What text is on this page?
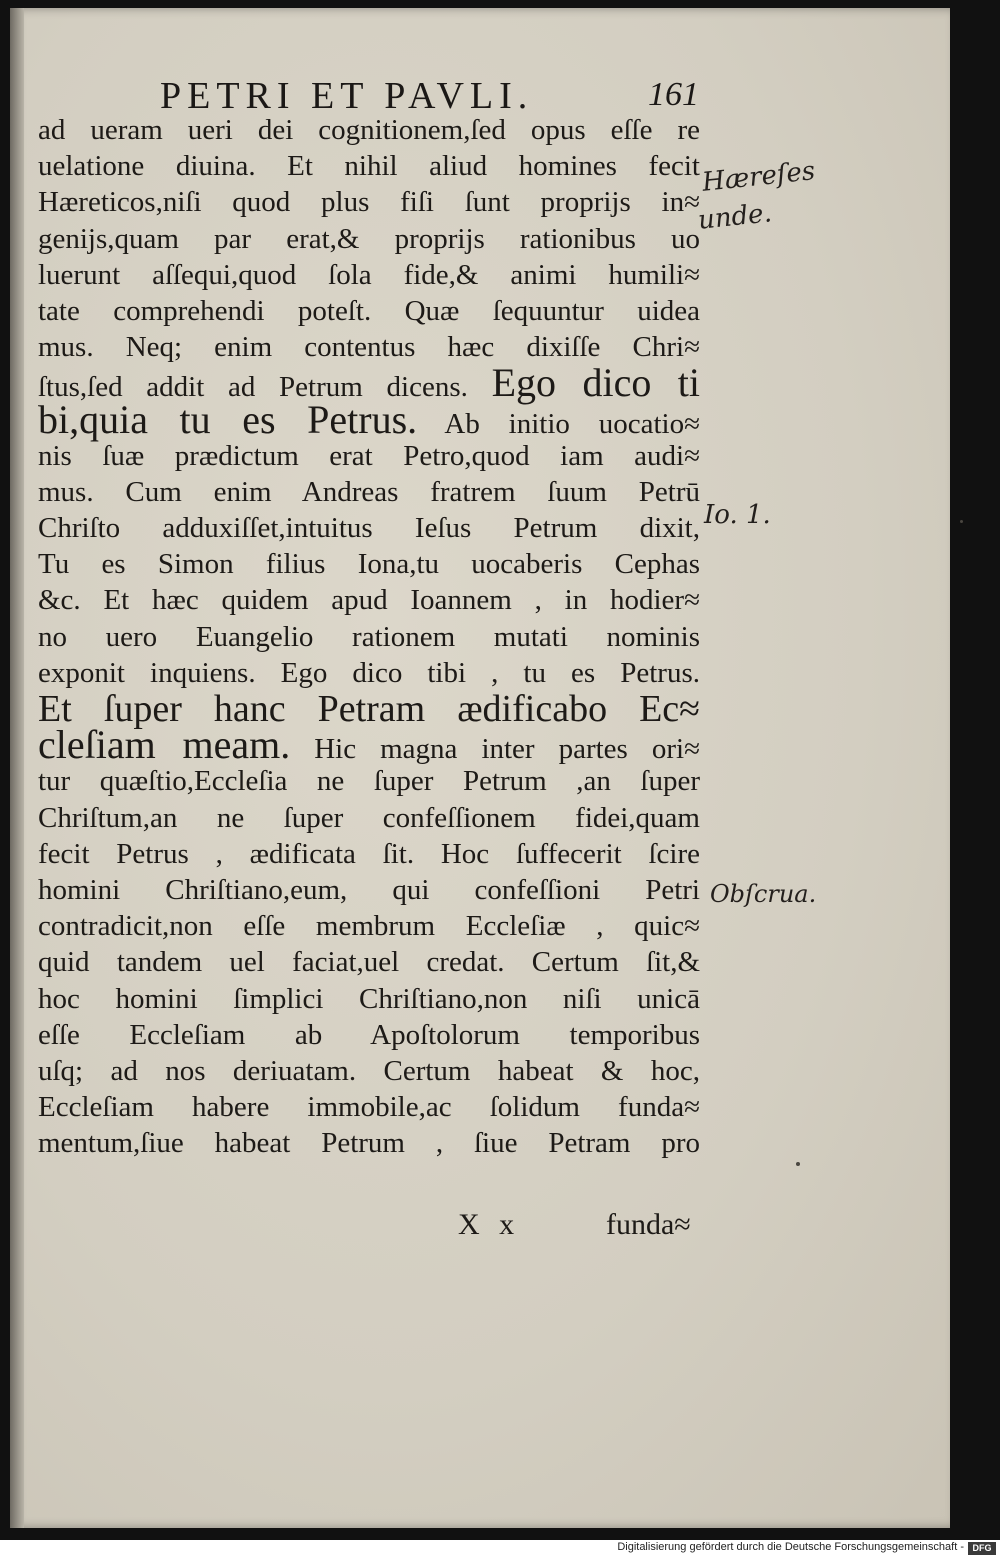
PETRI ET PAVLI.	161
ad ueram ueri dei cognitionem,ſed opus eſſe re
uelatione diuina. Et nihil aliud homines fecit
Hæreticos,niſi quod plus fiſi ſunt proprijs in≈
genijs,quam par erat,& proprijs rationibus uo
luerunt aſſequi,quod ſola fide,& animi humili≈
tate comprehendi poteſt. Quæ ſequuntur uidea
mus. Neq; enim contentus hæc dixiſſe Chri≈
ſtus,ſed addit ad Petrum dicens. Ego dico ti
bi,quia tu es Petrus. Ab initio uocatio≈
nis ſuæ prædictum erat Petro,quod iam audi≈
mus. Cum enim Andreas fratrem ſuum Petrū
Chriſto adduxiſſet,intuitus Ieſus Petrum dixit,
Tu es Simon filius Iona,tu uocaberis Cephas
&c. Et hæc quidem apud Ioannem , in hodier≈
no uero Euangelio rationem mutati nominis
exponit inquiens. Ego dico tibi , tu es Petrus.
Et ſuper hanc Petram ædificabo Ec≈
cleſiam meam. Hic magna inter partes ori≈
tur quæſtio,Eccleſia ne ſuper Petrum ,an ſuper
Chriſtum,an ne ſuper confeſſionem fidei,quam
fecit Petrus , ædificata ſit. Hoc ſuffecerit ſcire
homini Chriſtiano,eum, qui confeſſioni Petri
contradicit,non eſſe membrum Eccleſiæ , quic≈
quid tandem uel faciat,uel credat. Certum ſit,&
hoc homini ſimplici Chriſtiano,non niſi unicā
eſſe Eccleſiam ab Apoſtolorum temporibus
uſq; ad nos deriuatam. Certum habeat & hoc,
Eccleſiam habere immobile,ac ſolidum funda≈
mentum,ſiue habeat Petrum , ſiue Petram pro
X x	funda≈
Hæreſes
unde.
Io. 1.
Obſcrua.
Digitalisierung gefördert durch die Deutsche Forschungsgemeinschaft - DFG
